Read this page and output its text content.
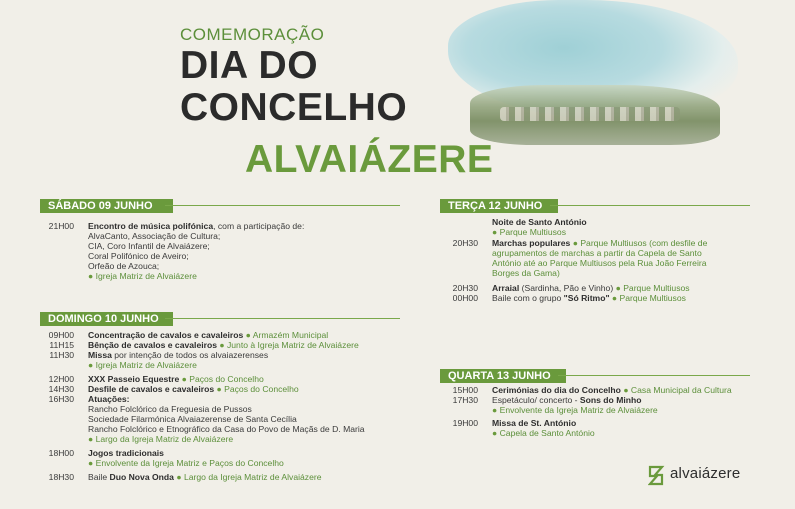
COMEMORAÇÃO
DIA DO
CONCELHO
ALVAIÁZERE
SÁBADO 09 JUNHO
21H00 Encontro de música polifónica, com a participação de:
AlvaCanto, Associação de Cultura;
CIA, Coro Infantil de Alvaiázere;
Coral Polifónico de Aveiro;
Orfeão de Azouca;
● Igreja Matriz de Alvaiázere
DOMINGO 10 JUNHO
09H00 Concentração de cavalos e cavaleiros ● Armazém Municipal
11H15 Bênção de cavalos e cavaleiros ● Junto à Igreja Matriz de Alvaiázere
11H30 Missa por intenção de todos os alvaiazerenses
● Igreja Matriz de Alvaiázere
12H00 XXX Passeio Equestre ● Paços do Concelho
14H30 Desfile de cavalos e cavaleiros ● Paços do Concelho
16H30 Atuações:
Rancho Folclórico da Freguesia de Pussos
Sociedade Filarmónica Alvaiazerense de Santa Cecília
Rancho Folclórico e Etnográfico da Casa do Povo de Maçãs de D. Maria
● Largo da Igreja Matriz de Alvaiázere
18H00 Jogos tradicionais
● Envolvente da Igreja Matriz e Paços do Concelho
18H30 Baile Duo Nova Onda ● Largo da Igreja Matriz de Alvaiázere
TERÇA 12 JUNHO
Noite de Santo António
● Parque Multiusos
20H30 Marchas populares ● Parque Multiusos (com desfile de
agrupamentos de marchas a partir da Capela de Santo
António até ao Parque Multiusos pela Rua João Ferreira
Borges da Gama)
20H30 Arraial (Sardinha, Pão e Vinho) ● Parque Multiusos
00H00 Baile com o grupo "Só Ritmo" ● Parque Multiusos
QUARTA 13 JUNHO
15H00 Cerimónias do dia do Concelho ● Casa Municipal da Cultura
17H30 Espetáculo/ concerto - Sons do Minho
● Envolvente da Igreja Matriz de Alvaiázere
19H00 Missa de St. António
● Capela de Santo António
alvaiázere
